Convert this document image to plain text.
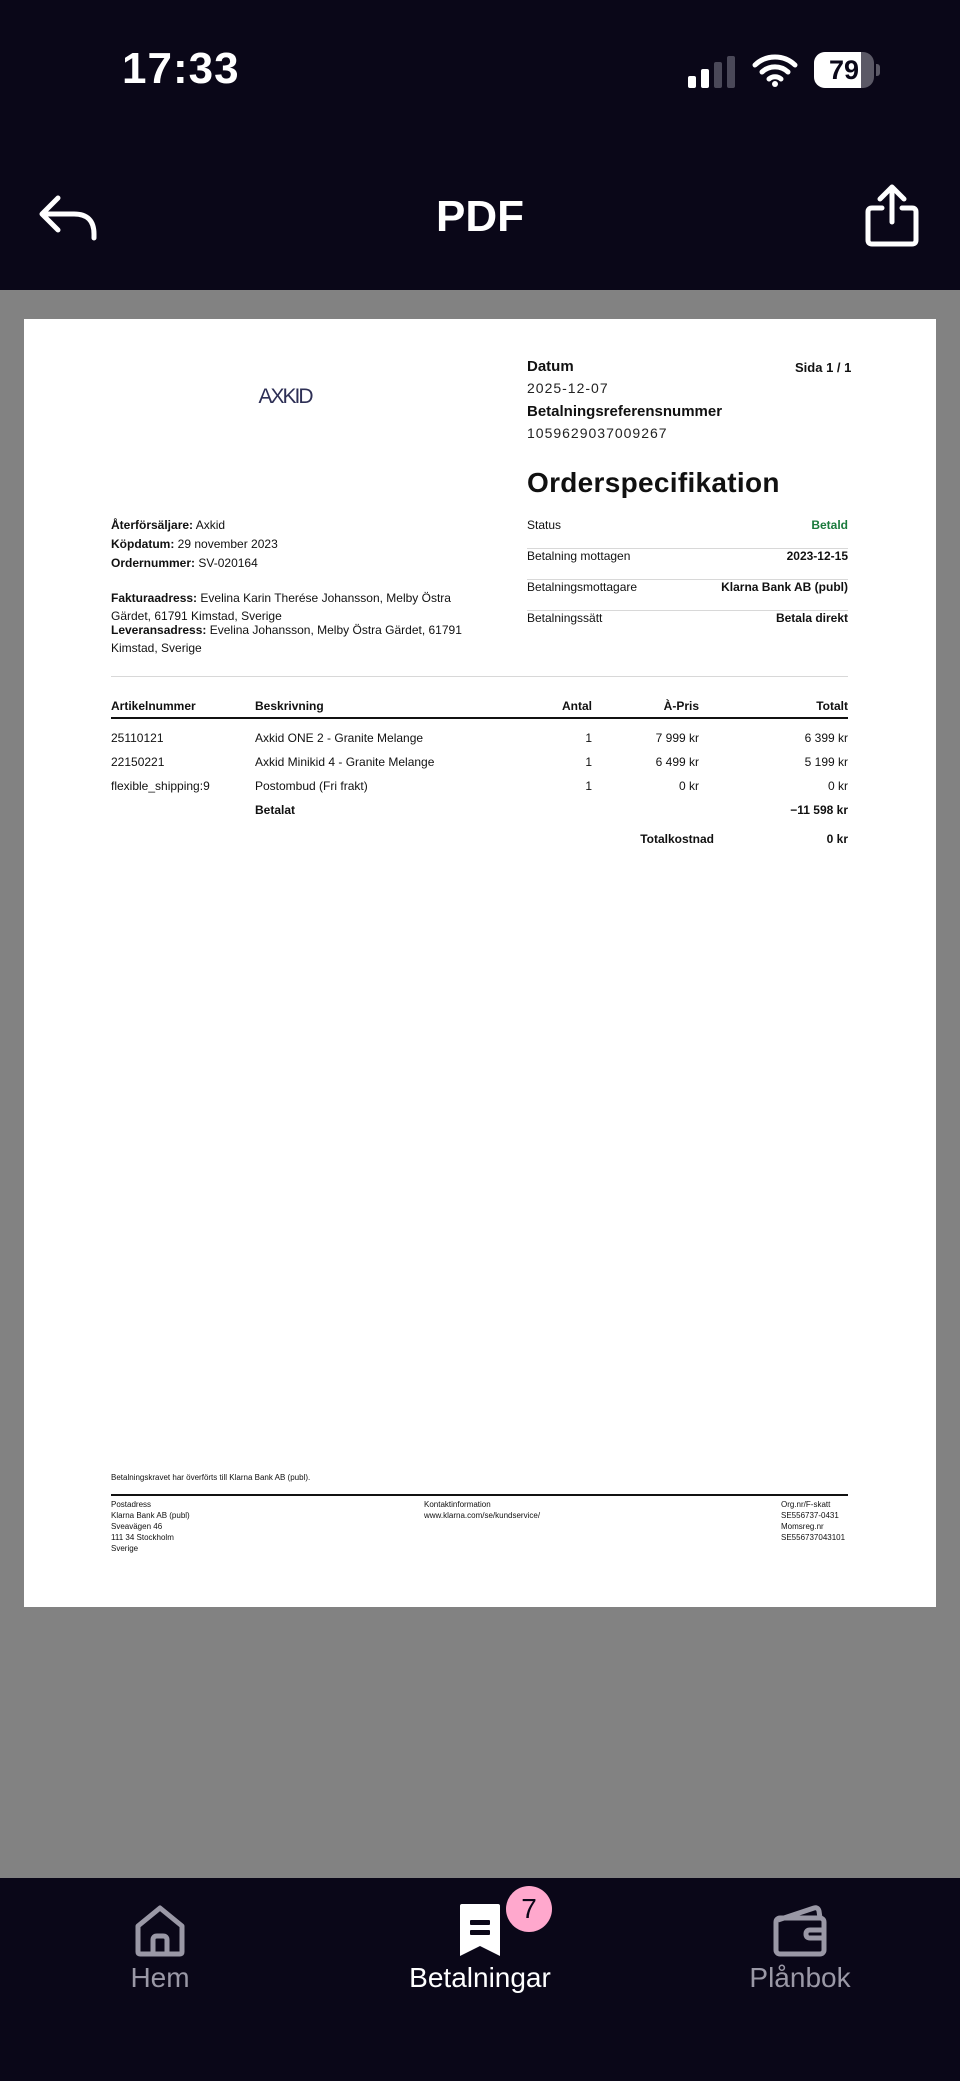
17:33	79
PDF
AXKID
Datum
2025-12-07
Sida 1 / 1
Betalningsreferensnummer
1059629037009267
Orderspecifikation
Status	Betald
Betalning mottagen	2023-12-15
Betalningsmottagare	Klarna Bank AB (publ)
Betalningssätt	Betala direkt
Återförsäljare: Axkid
Köpdatum: 29 november 2023
Ordernummer: SV-020164
Fakturaadress: Evelina Karin Therése Johansson, Melby Östra
Gärdet, 61791 Kimstad, Sverige
Leveransadress: Evelina Johansson, Melby Östra Gärdet, 61791
Kimstad, Sverige
Artikelnummer	Beskrivning	Antal	À-Pris	Totalt
25110121	Axkid ONE 2 - Granite Melange	1	7 999 kr	6 399 kr
22150221	Axkid Minikid 4 - Granite Melange	1	6 499 kr	5 199 kr
flexible_shipping:9	Postombud (Fri frakt)	1	0 kr	0 kr
Betalat	−11 598 kr
Totalkostnad	0 kr
Betalningskravet har överförts till Klarna Bank AB (publ).
Postadress
Klarna Bank AB (publ)
Sveavägen 46
111 34 Stockholm
Sverige
Kontaktinformation
www.klarna.com/se/kundservice/
Org.nr/F-skatt
SE556737-0431
Momsreg.nr
SE556737043101
Hem	Betalningar
7
Plånbok
